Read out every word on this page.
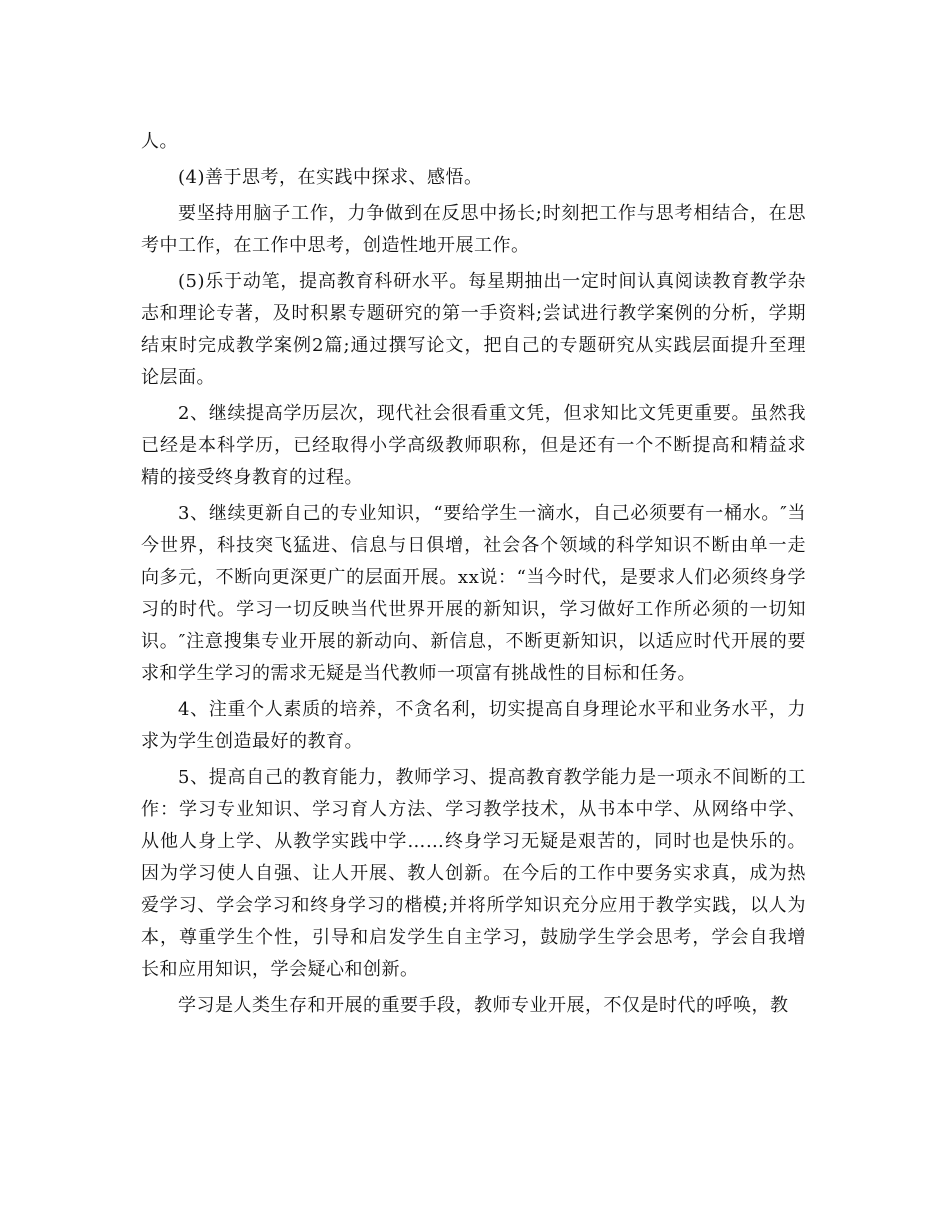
人。

(4)善于思考，在实践中探求、感悟。

要坚持用脑子工作，力争做到在反思中扬长;时刻把工作与思考相结合，在思考中工作，在工作中思考，创造性地开展工作。

(5)乐于动笔，提高教育科研水平。每星期抽出一定时间认真阅读教育教学杂志和理论专著，及时积累专题研究的第一手资料;尝试进行教学案例的分析，学期结束时完成教学案例2篇;通过撰写论文，把自己的专题研究从实践层面提升至理论层面。

2、继续提高学历层次，现代社会很看重文凭，但求知比文凭更重要。虽然我已经是本科学历，已经取得小学高级教师职称，但是还有一个不断提高和精益求精的接受终身教育的过程。

3、继续更新自己的专业知识，“要给学生一滴水，自己必须要有一桶水。″当今世界，科技突飞猛进、信息与日俱增，社会各个领域的科学知识不断由单一走向多元，不断向更深更广的层面开展。xx说：“当今时代，是要求人们必须终身学习的时代。学习一切反映当代世界开展的新知识，学习做好工作所必须的一切知识。″注意搜集专业开展的新动向、新信息，不断更新知识，以适应时代开展的要求和学生学习的需求无疑是当代教师一项富有挑战性的目标和任务。

4、注重个人素质的培养，不贪名利，切实提高自身理论水平和业务水平，力求为学生创造最好的教育。

5、提高自己的教育能力，教师学习、提高教育教学能力是一项永不间断的工作：学习专业知识、学习育人方法、学习教学技术，从书本中学、从网络中学、从他人身上学、从教学实践中学……终身学习无疑是艰苦的，同时也是快乐的。因为学习使人自强、让人开展、教人创新。在今后的工作中要务实求真，成为热爱学习、学会学习和终身学习的楷模;并将所学知识充分应用于教学实践，以人为本，尊重学生个性，引导和启发学生自主学习，鼓励学生学会思考，学会自我增长和应用知识，学会疑心和创新。

学习是人类生存和开展的重要手段，教师专业开展，不仅是时代的呼唤，教
